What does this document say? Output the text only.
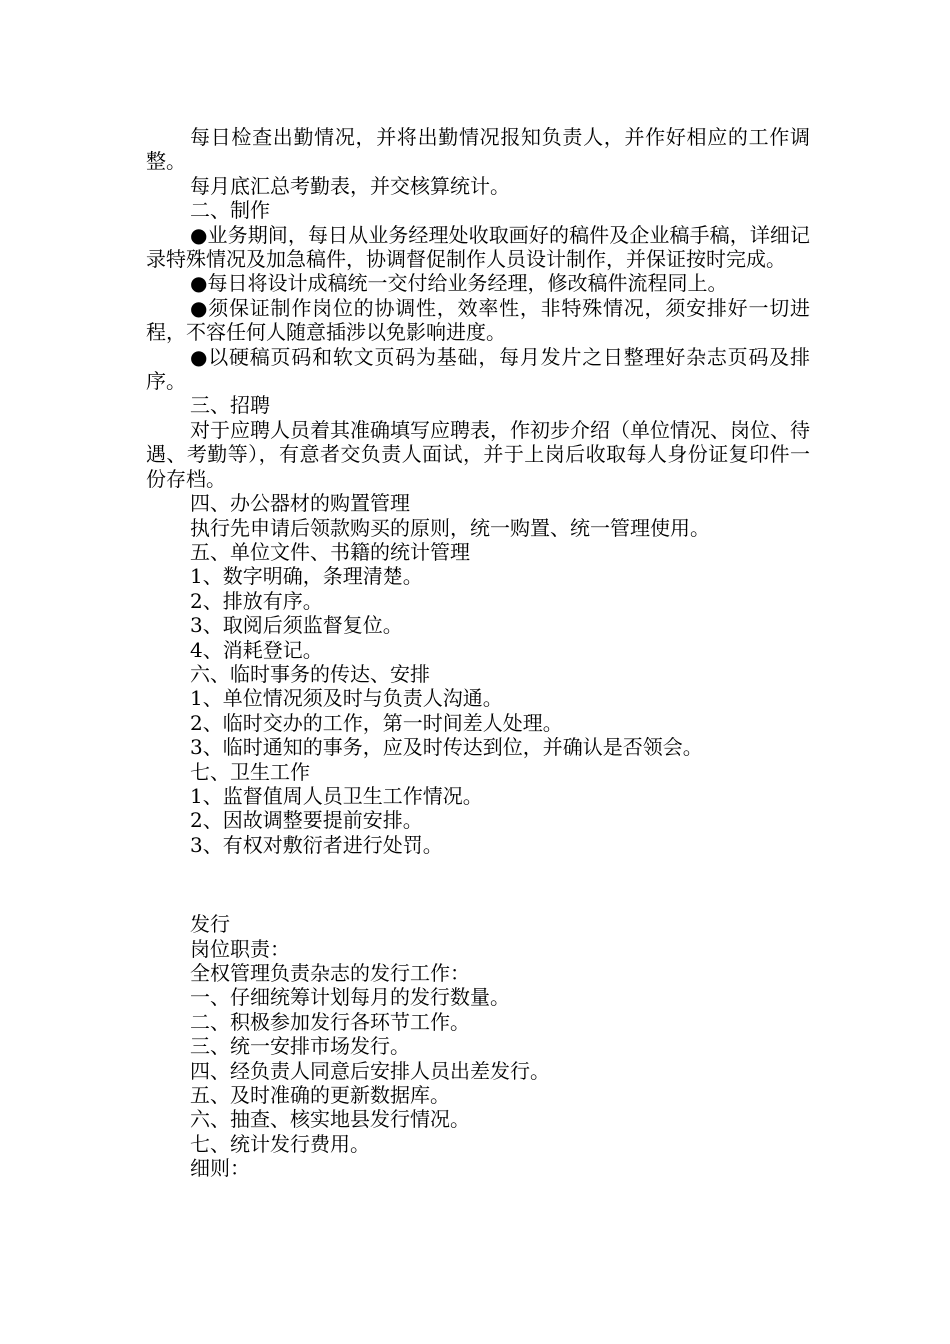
每日检查出勤情况，并将出勤情况报知负责人，并作好相应的工作调整。

每月底汇总考勤表，并交核算统计。

二、制作

●业务期间，每日从业务经理处收取画好的稿件及企业稿手稿，详细记录特殊情况及加急稿件，协调督促制作人员设计制作，并保证按时完成。

●每日将设计成稿统一交付给业务经理，修改稿件流程同上。

●须保证制作岗位的协调性，效率性，非特殊情况，须安排好一切进程，不容任何人随意插涉以免影响进度。

●以硬稿页码和软文页码为基础，每月发片之日整理好杂志页码及排序。

三、招聘

对于应聘人员着其准确填写应聘表，作初步介绍（单位情况、岗位、待遇、考勤等），有意者交负责人面试，并于上岗后收取每人身份证复印件一份存档。

四、办公器材的购置管理

执行先申请后领款购买的原则，统一购置、统一管理使用。

五、单位文件、书籍的统计管理

1、数字明确，条理清楚。

2、排放有序。

3、取阅后须监督复位。

4、消耗登记。

六、临时事务的传达、安排

1、单位情况须及时与负责人沟通。

2、临时交办的工作，第一时间差人处理。

3、临时通知的事务，应及时传达到位，并确认是否领会。

七、卫生工作

1、监督值周人员卫生工作情况。

2、因故调整要提前安排。

3、有权对敷衍者进行处罚。

发行

岗位职责：

全权管理负责杂志的发行工作：

一、仔细统筹计划每月的发行数量。

二、积极参加发行各环节工作。

三、统一安排市场发行。

四、经负责人同意后安排人员出差发行。

五、及时准确的更新数据库。

六、抽查、核实地县发行情况。

七、统计发行费用。

细则：
